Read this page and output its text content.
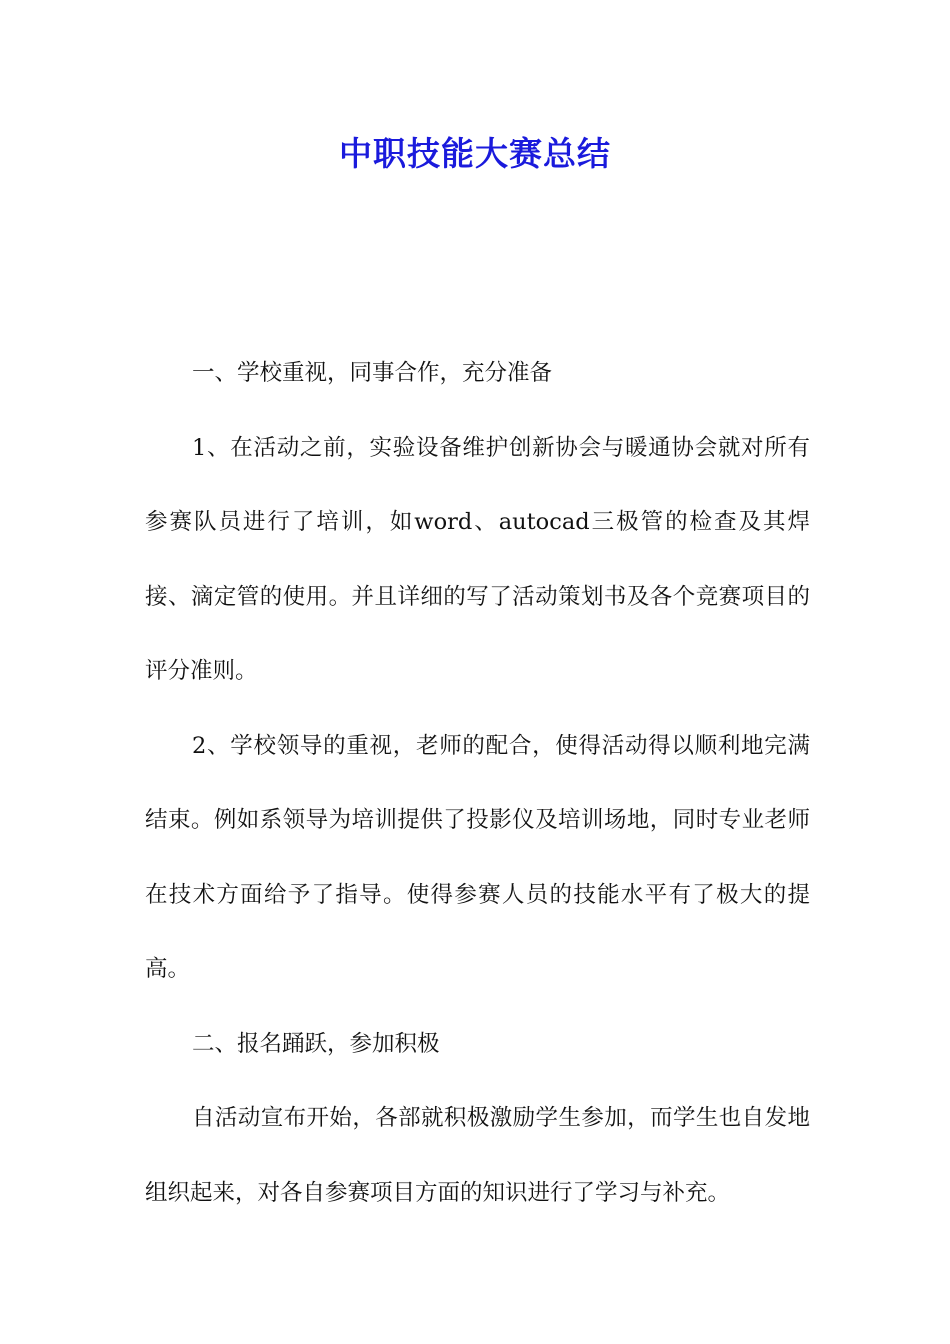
中职技能大赛总结

一、学校重视，同事合作，充分准备

1、在活动之前，实验设备维护创新协会与暖通协会就对所有参赛队员进行了培训，如word、autocad三极管的检查及其焊接、滴定管的使用。并且详细的写了活动策划书及各个竞赛项目的评分准则。

2、学校领导的重视，老师的配合，使得活动得以顺利地完满结束。例如系领导为培训提供了投影仪及培训场地，同时专业老师在技术方面给予了指导。使得参赛人员的技能水平有了极大的提高。

二、报名踊跃，参加积极

自活动宣布开始，各部就积极激励学生参加，而学生也自发地组织起来，对各自参赛项目方面的知识进行了学习与补充。
